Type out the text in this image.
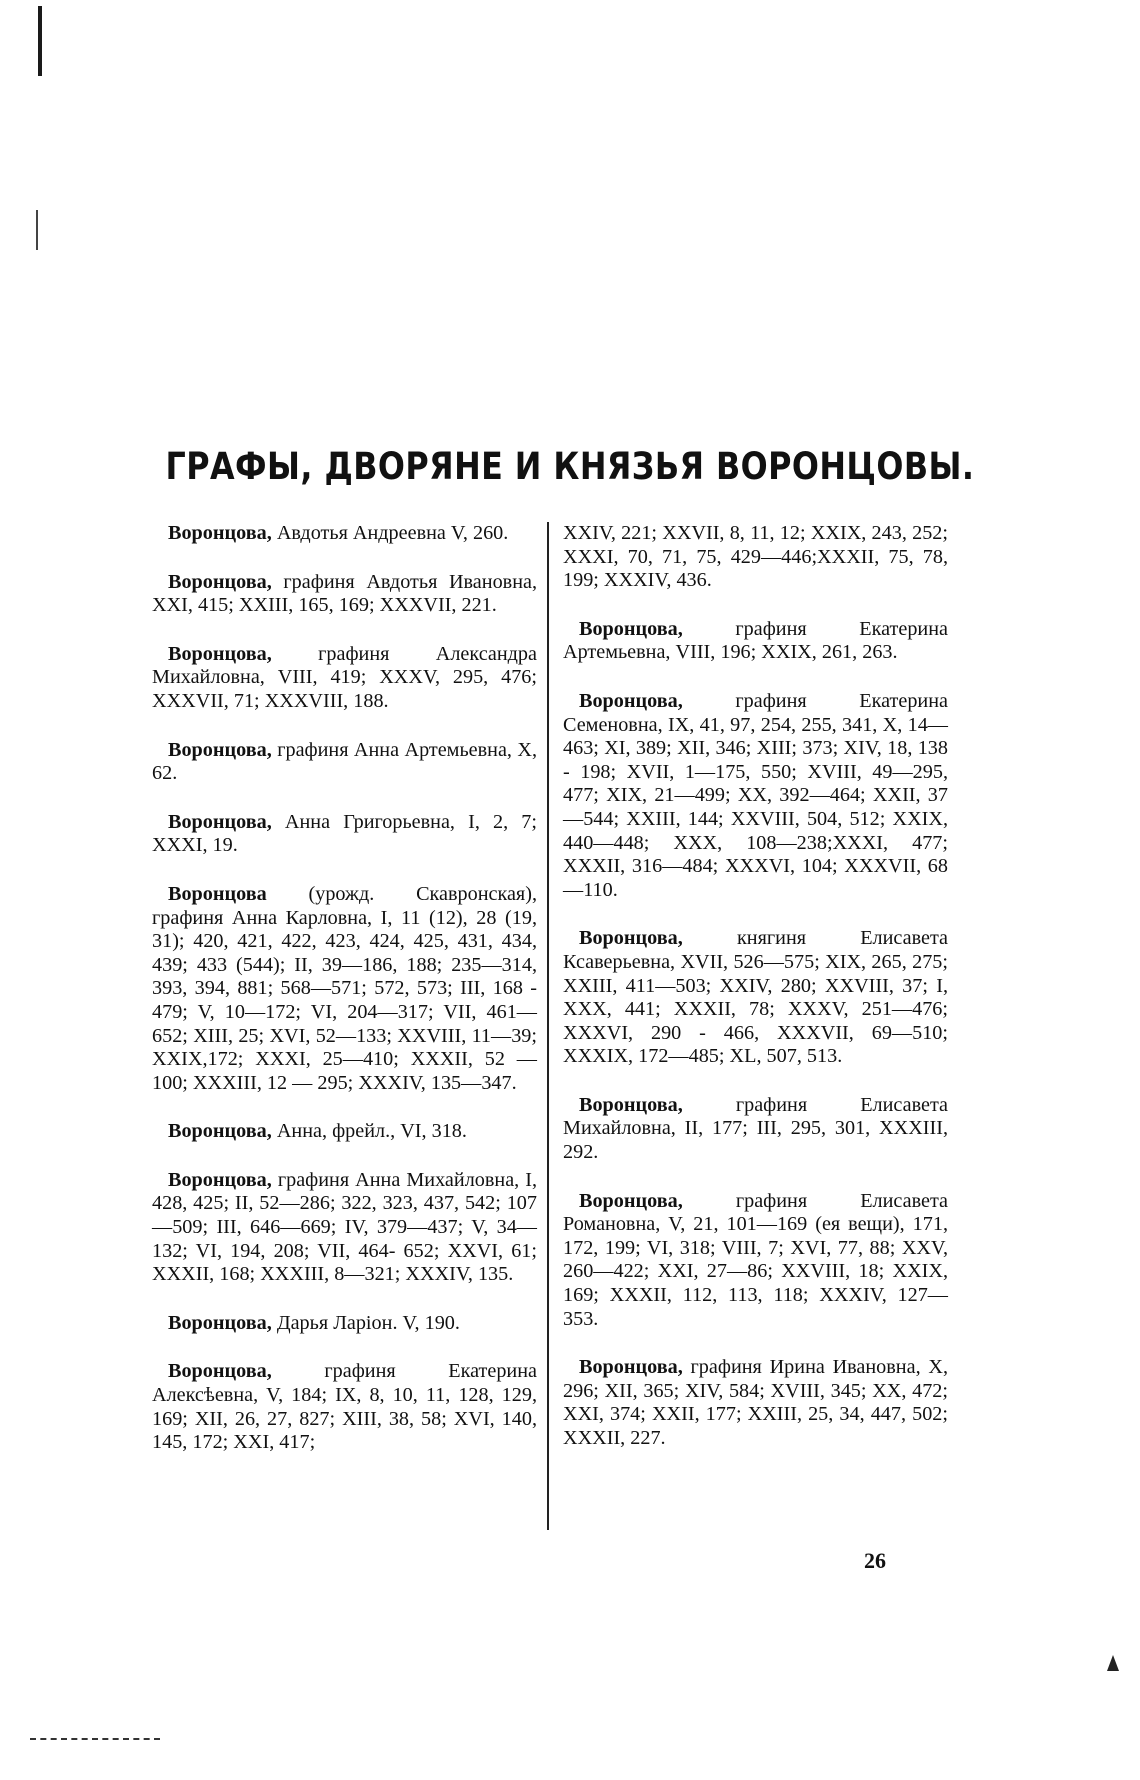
ГРАФЫ, ДВОРЯНЕ И КНЯЗЬЯ ВОРОНЦОВЫ.

Воронцова, Авдотья Андреевна V, 260.

Воронцова, графиня Авдотья Ивановна, XXI, 415; XXIII, 165, 169; XXXVII, 221.

Воронцова, графиня Александра Михайловна, VIII, 419; XXXV, 295, 476; XXXVII, 71; XXXVIII, 188.

Воронцова, графиня Анна Артемьевна, X, 62.

Воронцова, Анна Григорьевна, I, 2, 7; XXXI, 19.

Воронцова (урожд. Скавронская), графиня Анна Карловна, I, 11 (12), 28 (19, 31); 420, 421, 422, 423, 424, 425, 431, 434, 439; 433 (544); II, 39—186, 188; 235—314, 393, 394, 881; 568—571; 572, 573; III, 168 - 479; V, 10—172; VI, 204—317; VII, 461—652; XIII, 25; XVI, 52—133; XXVIII, 11—39; XXIX,172; XXXI, 25—410; XXXII, 52 — 100; XXXIII, 12 — 295; XXXIV, 135—347.

Воронцова, Анна, фрейл., VI, 318.

Воронцова, графиня Анна Михайловна, I, 428, 425; II, 52—286; 322, 323, 437, 542; 107—509; III, 646—669; IV, 379—437; V, 34—132; VI, 194, 208; VII, 464- 652; XXVI, 61; XXXII, 168; XXXIII, 8—321; XXXIV, 135.

Воронцова, Дарья Ларіон. V, 190.

Воронцова,	графиня Екатерина Алексѣевна, V, 184; IX, 8, 10, 11, 128, 129, 169; XII, 26, 27, 827; XIII, 38, 58; XVI, 140, 145, 172; XXI, 417;

XXIV, 221; XXVII, 8, 11, 12; XXIX, 243, 252; XXXI, 70, 71, 75, 429—446;XXXII, 75, 78, 199; XXXIV, 436.

Воронцова,	графиня Екатерина Артемьевна, VIII, 196; XXIX, 261, 263.

Воронцова,	графиня Екатерина Семеновна, IX, 41, 97, 254, 255, 341, X, 14—463; XI, 389; XII, 346; XIII; 373; XIV, 18, 138 - 198; XVII, 1—175, 550; XVIII, 49—295, 477; XIX, 21—499; XX, 392—464; XXII, 37—544; XXIII, 144; XXVIII, 504, 512; XXIX, 440—448; XXX, 108—238;XXXI, 477; XXXII, 316—484; XXXVI, 104; XXXVII, 68—110.

Воронцова,	княгиня Елисавета Ксаверьевна, XVII, 526—575; XIX, 265, 275; XXIII, 411—503; XXIV, 280; XXVIII, 37; I, XXX, 441; XXXII, 78; XXXV, 251—476; XXXVI, 290 - 466, XXXVII, 69—510; XXXIX, 172—485; XL, 507, 513.

Воронцова,	графиня Елисавета Михайловна, II, 177; III, 295, 301, XXXIII, 292.

Воронцова,	графиня Елисавета Романовна, V, 21, 101—169 (ея вещи), 171, 172, 199; VI, 318; VIII, 7; XVI, 77, 88; XXV, 260—422; XXI, 27—86; XXVIII, 18; XXIX, 169; XXXII, 112, 113, 118; XXXIV, 127—353.

Воронцова, графиня Ирина Ивановна, X, 296; XII, 365; XIV, 584; XVIII, 345; XX, 472; XXI, 374; XXII, 177; XXIII, 25, 34, 447, 502; XXXII, 227.

26
